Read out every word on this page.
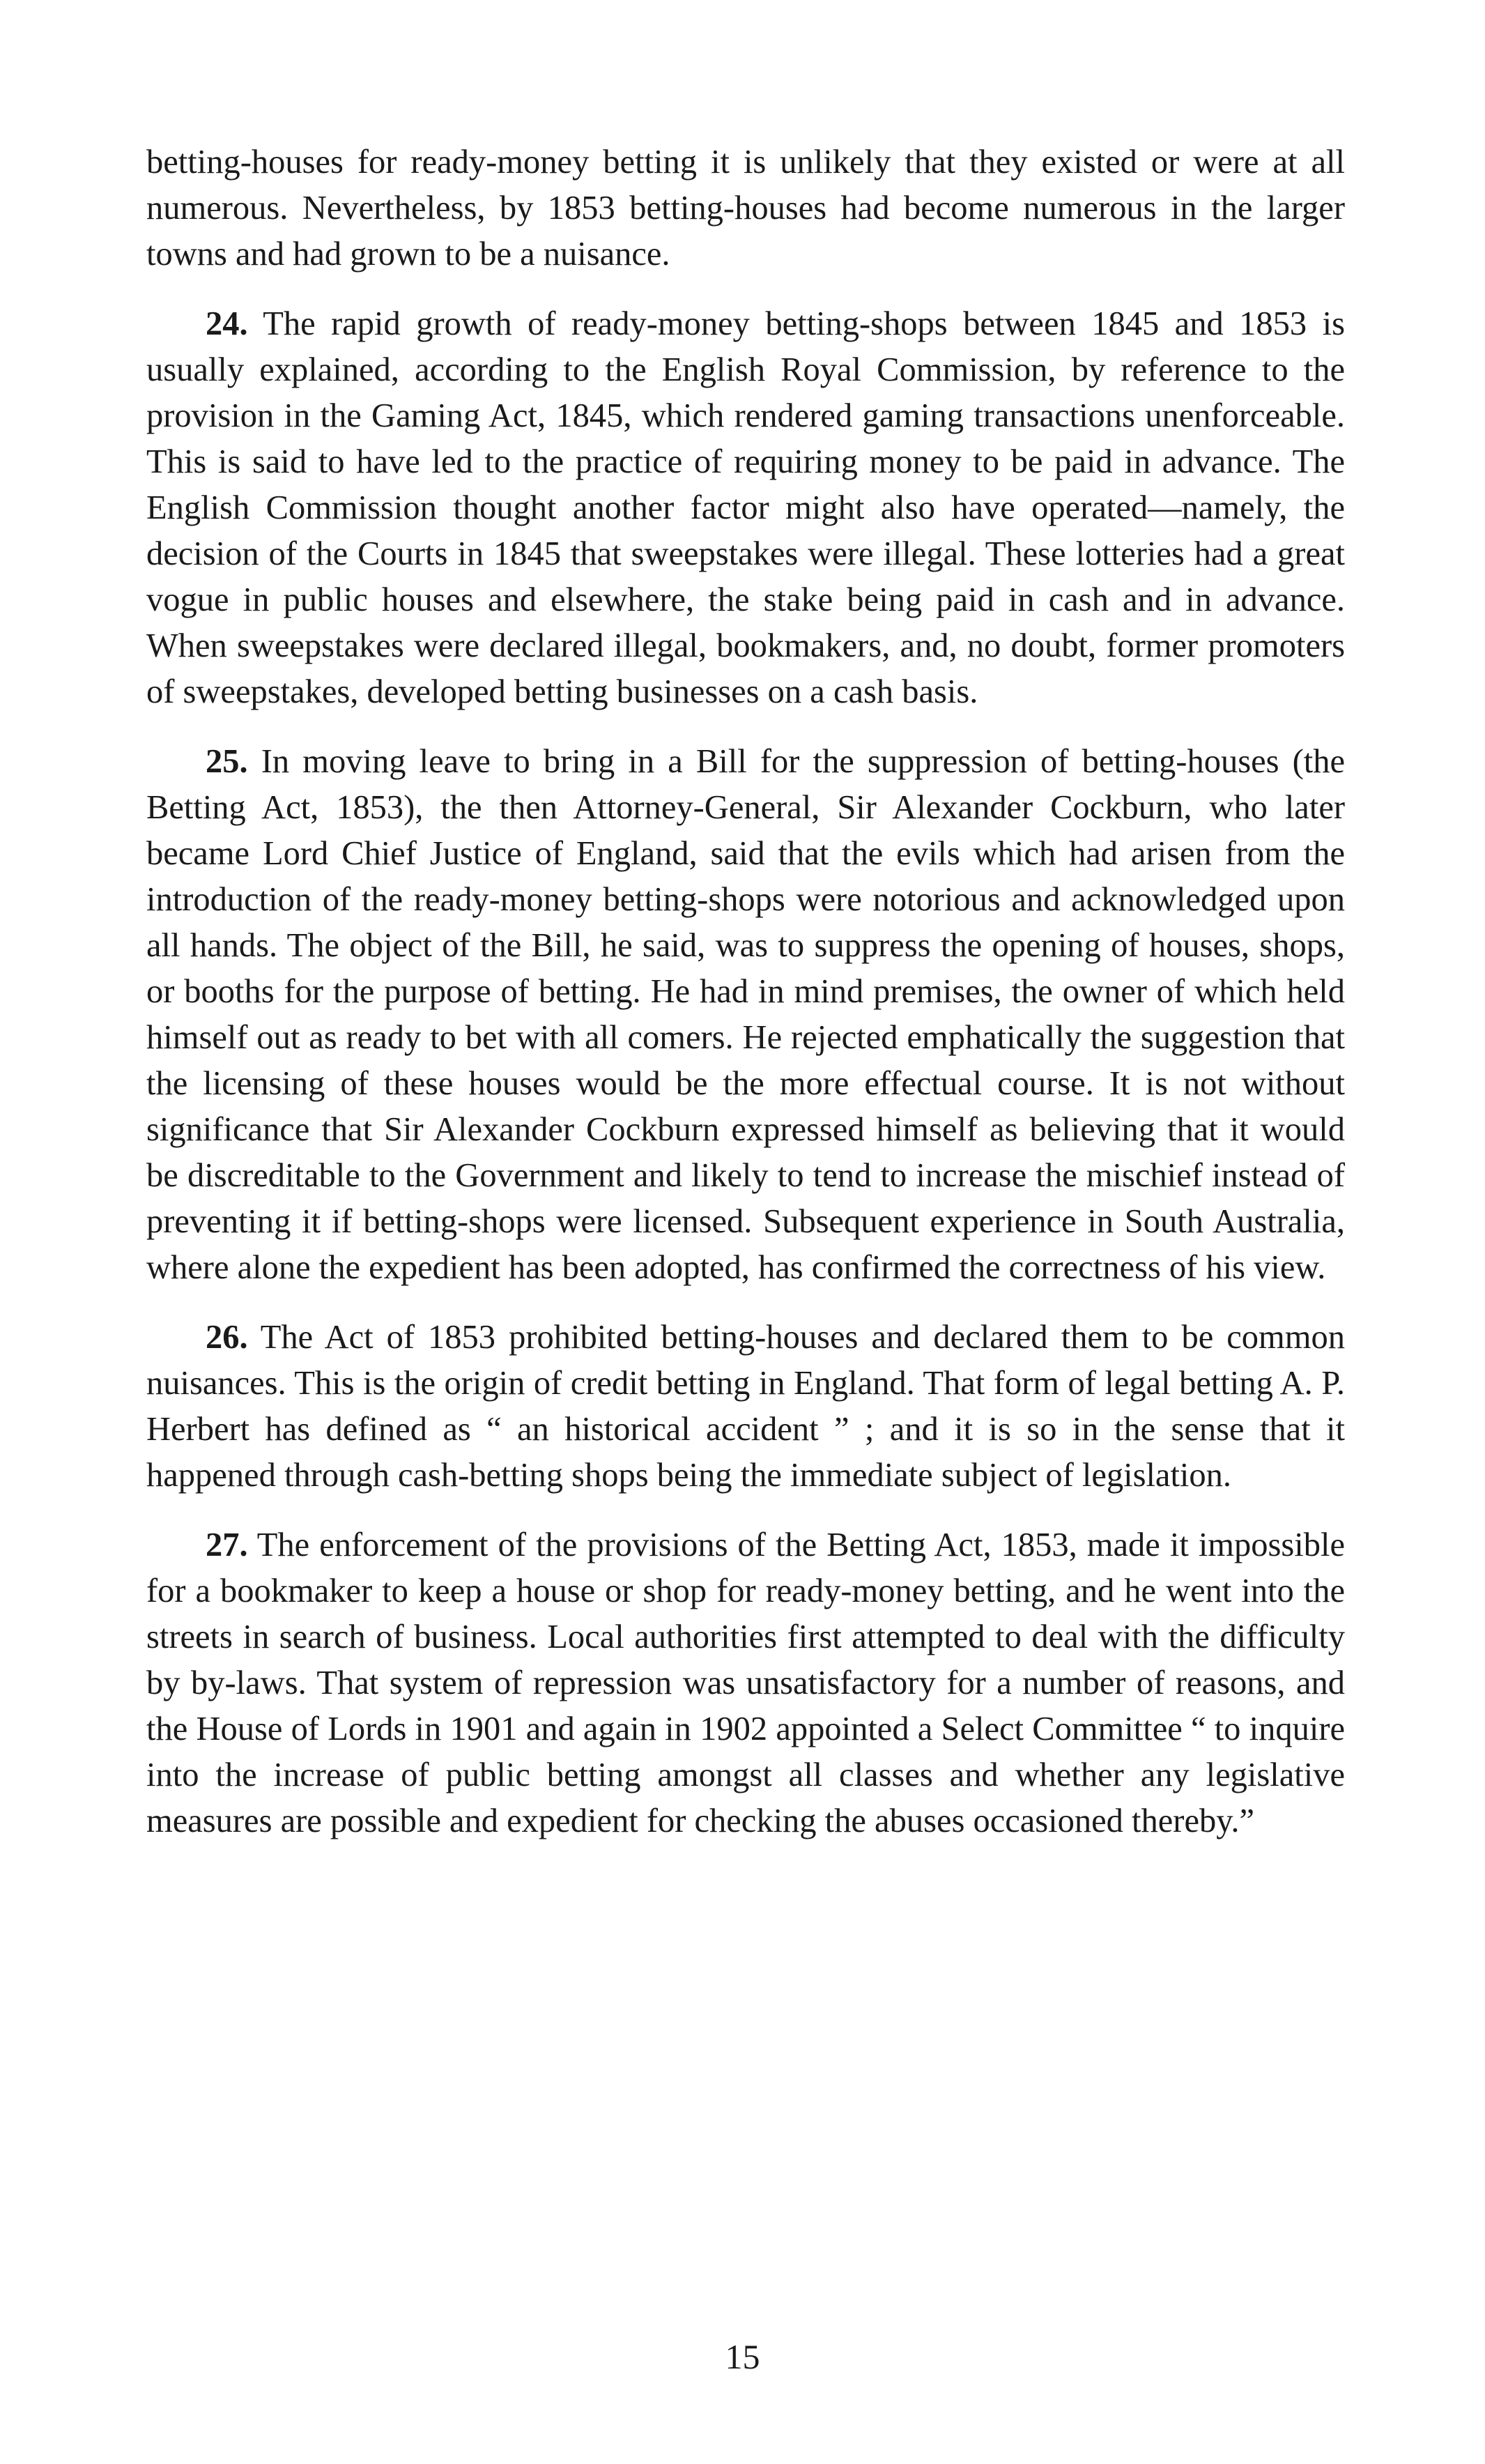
betting-houses for ready-money betting it is unlikely that they existed or were at all numerous. Nevertheless, by 1853 betting-houses had become numerous in the larger towns and had grown to be a nuisance.

24. The rapid growth of ready-money betting-shops between 1845 and 1853 is usually explained, according to the English Royal Commission, by reference to the provision in the Gaming Act, 1845, which rendered gaming transactions unenforceable. This is said to have led to the practice of requiring money to be paid in advance. The English Commission thought another factor might also have operated—namely, the decision of the Courts in 1845 that sweepstakes were illegal. These lotteries had a great vogue in public houses and elsewhere, the stake being paid in cash and in advance. When sweepstakes were declared illegal, bookmakers, and, no doubt, former promoters of sweepstakes, developed betting businesses on a cash basis.

25. In moving leave to bring in a Bill for the suppression of betting-houses (the Betting Act, 1853), the then Attorney-General, Sir Alexander Cockburn, who later became Lord Chief Justice of England, said that the evils which had arisen from the introduction of the ready-money betting-shops were notorious and acknowledged upon all hands. The object of the Bill, he said, was to suppress the opening of houses, shops, or booths for the purpose of betting. He had in mind premises, the owner of which held himself out as ready to bet with all comers. He rejected emphatically the suggestion that the licensing of these houses would be the more effectual course. It is not without significance that Sir Alexander Cockburn expressed himself as believing that it would be discreditable to the Government and likely to tend to increase the mischief instead of preventing it if betting-shops were licensed. Subsequent experience in South Australia, where alone the expedient has been adopted, has confirmed the correctness of his view.

26. The Act of 1853 prohibited betting-houses and declared them to be common nuisances. This is the origin of credit betting in England. That form of legal betting A. P. Herbert has defined as “ an historical accident ” ; and it is so in the sense that it happened through cash-betting shops being the immediate subject of legislation.

27. The enforcement of the provisions of the Betting Act, 1853, made it impossible for a bookmaker to keep a house or shop for ready-money betting, and he went into the streets in search of business. Local authorities first attempted to deal with the difficulty by by-laws. That system of repression was unsatisfactory for a number of reasons, and the House of Lords in 1901 and again in 1902 appointed a Select Committee “ to inquire into the increase of public betting amongst all classes and whether any legislative measures are possible and expedient for checking the abuses occasioned thereby.”

15
